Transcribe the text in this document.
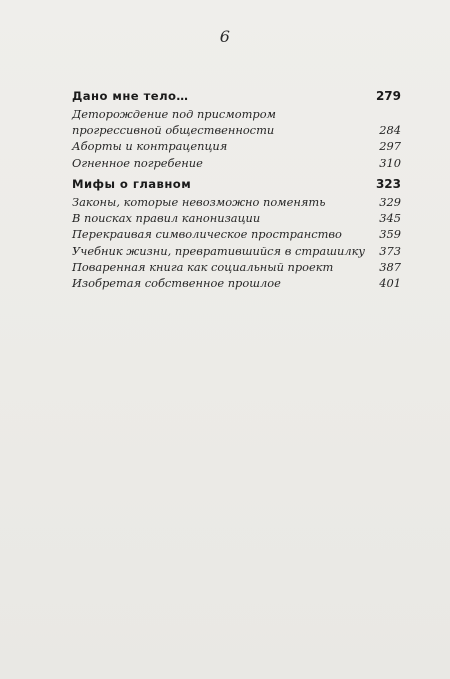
6
Дано мне тело…	279
Деторождение под присмотром прогрессивной общественности	284
Аборты и контрацепция	297
Огненное погребение	310
Мифы о главном	323
Законы, которые невозможно поменять	329
В поисках правил канонизации	345
Перекраивая символическое пространство	359
Учебник жизни, превратившийся в страшилку	373
Поваренная книга как социальный проект	387
Изобретая собственное прошлое	401
